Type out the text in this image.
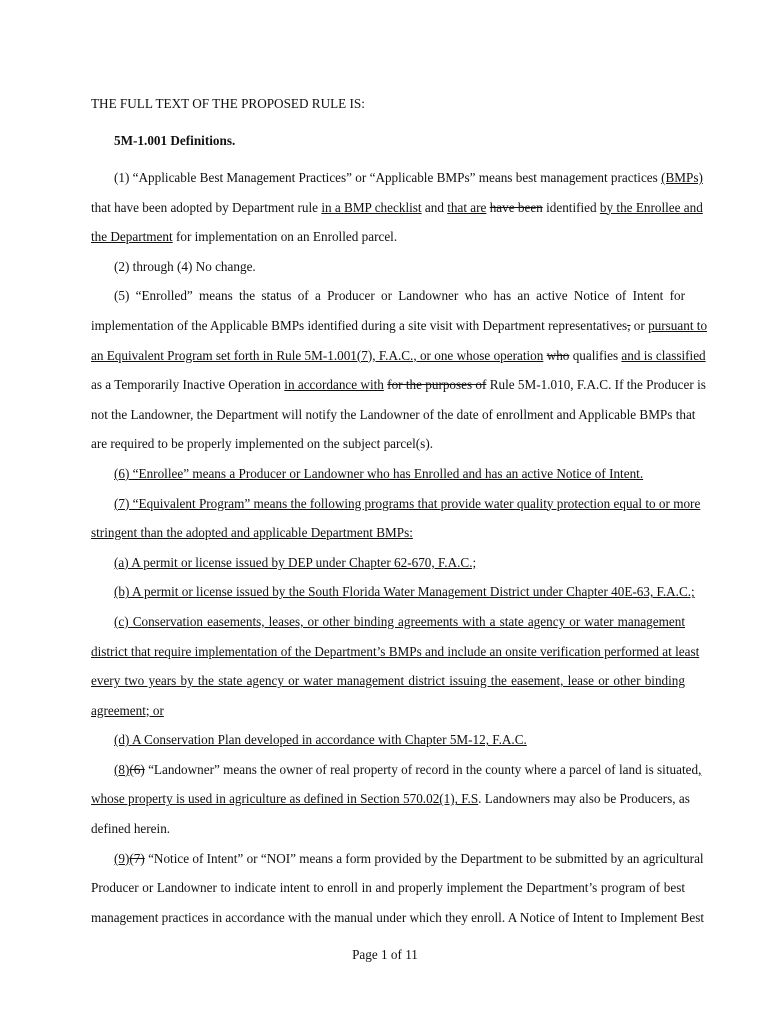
THE FULL TEXT OF THE PROPOSED RULE IS:
5M-1.001 Definitions.
(1) “Applicable Best Management Practices” or “Applicable BMPs” means best management practices (BMPs)
that have been adopted by Department rule in a BMP checklist and that are have been identified by the Enrollee and
the Department for implementation on an Enrolled parcel.
(2) through (4) No change.
(5) “Enrolled” means the status of a Producer or Landowner who has an active Notice of Intent for
implementation of the Applicable BMPs identified during a site visit with Department representatives, or pursuant to
an Equivalent Program set forth in Rule 5M-1.001(7), F.A.C., or one whose operation who qualifies and is classified
as a Temporarily Inactive Operation in accordance with for the purposes of Rule 5M-1.010, F.A.C. If the Producer is
not the Landowner, the Department will notify the Landowner of the date of enrollment and Applicable BMPs that
are required to be properly implemented on the subject parcel(s).
(6) “Enrollee” means a Producer or Landowner who has Enrolled and has an active Notice of Intent.
(7) “Equivalent Program” means the following programs that provide water quality protection equal to or more
stringent than the adopted and applicable Department BMPs:
(a) A permit or license issued by DEP under Chapter 62-670, F.A.C.;
(b) A permit or license issued by the South Florida Water Management District under Chapter 40E-63, F.A.C.;
(c) Conservation easements, leases, or other binding agreements with a state agency or water management
district that require implementation of the Department’s BMPs and include an onsite verification performed at least
every two years by the state agency or water management district issuing the easement, lease or other binding
agreement; or
(d) A Conservation Plan developed in accordance with Chapter 5M-12, F.A.C.
(8)(6) “Landowner” means the owner of real property of record in the county where a parcel of land is situated,
whose property is used in agriculture as defined in Section 570.02(1), F.S. Landowners may also be Producers, as
defined herein.
(9)(7) “Notice of Intent” or “NOI” means a form provided by the Department to be submitted by an agricultural
Producer or Landowner to indicate intent to enroll in and properly implement the Department’s program of best
management practices in accordance with the manual under which they enroll. A Notice of Intent to Implement Best
Page 1 of 11
